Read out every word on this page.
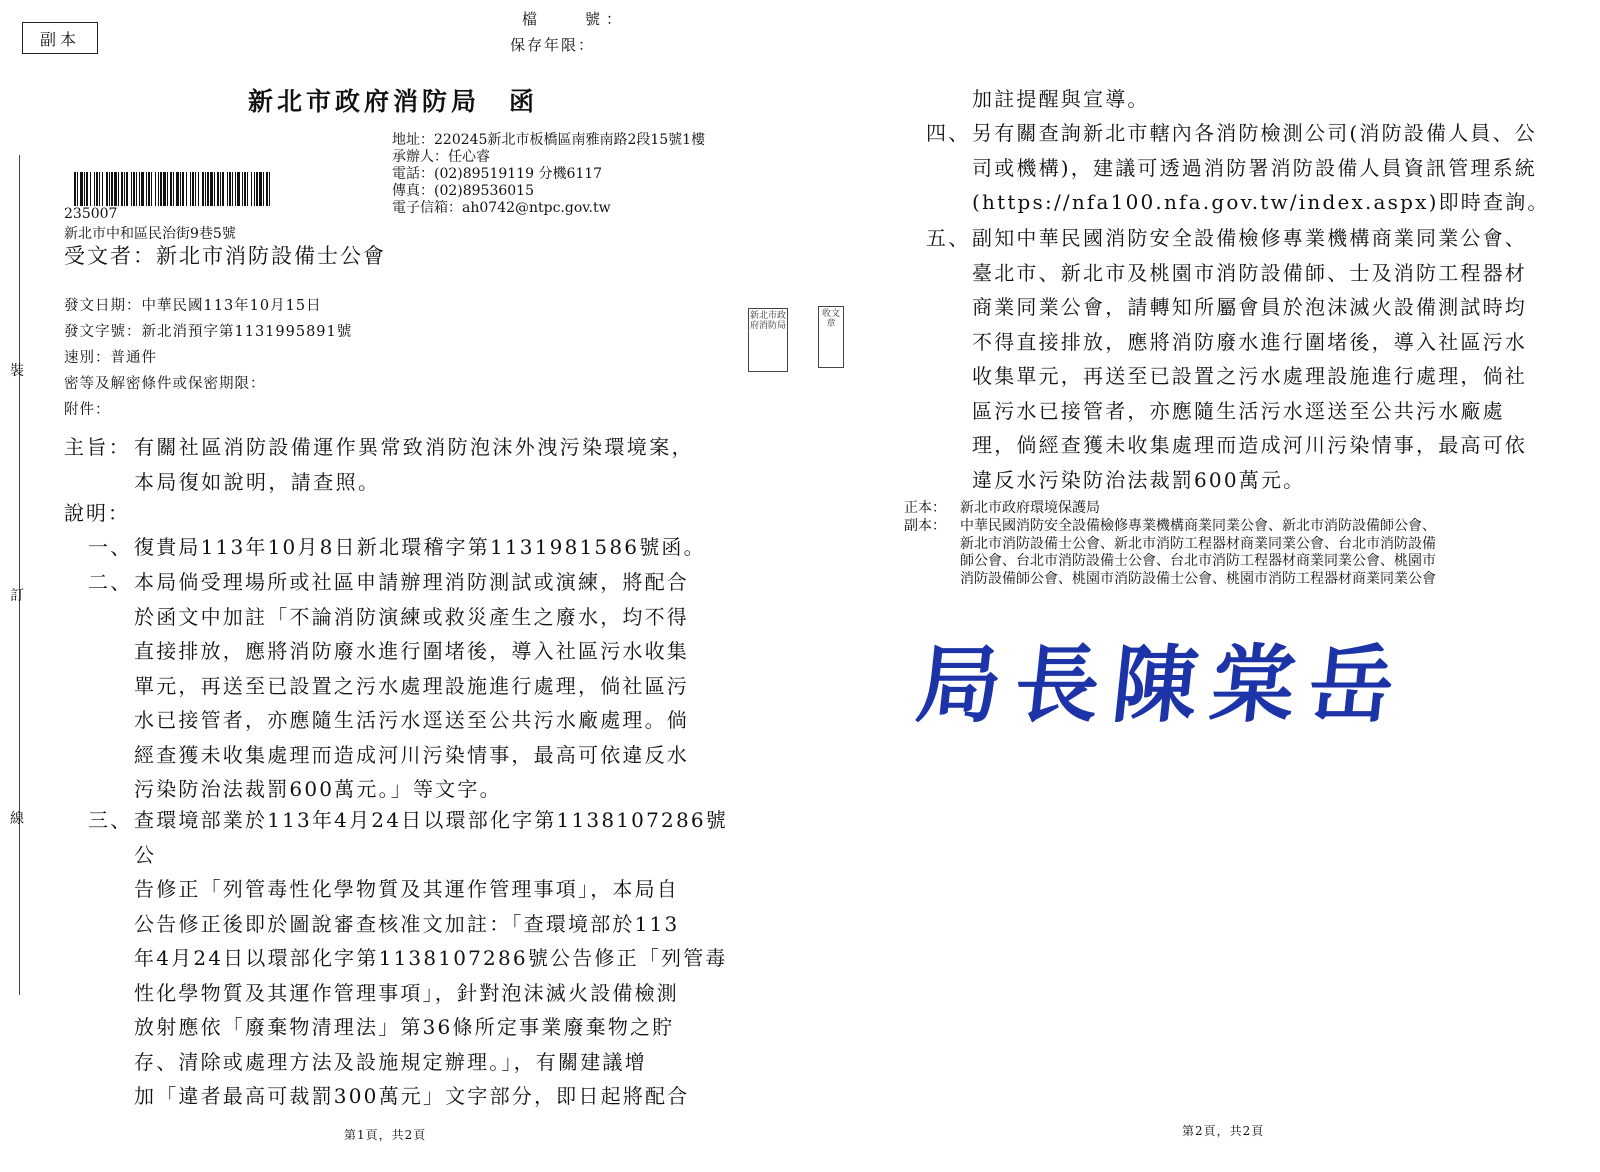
副本
檔　　號：
保存年限：
新北市政府消防局　函
地址：220245新北市板橋區南雅南路2段15號1樓
承辦人：任心睿
電話：(02)89519119 分機6117
傳真：(02)89536015
電子信箱：ah0742@ntpc.gov.tw
235007
新北市中和區民治街9巷5號
受文者：新北市消防設備士公會
發文日期：中華民國113年10月15日
發文字號：新北消預字第1131995891號
速別：普通件
密等及解密條件或保密期限：
附件：
裝
訂
線
新北市政府消防局
收文章
主旨： 有關社區消防設備運作異常致消防泡沫外洩污染環境案，
本局復如說明，請查照。
說明：
一、 復貴局113年10月8日新北環稽字第1131981586號函。
二、 本局倘受理場所或社區申請辦理消防測試或演練，將配合
於函文中加註「不論消防演練或救災產生之廢水，均不得
直接排放，應將消防廢水進行圍堵後，導入社區污水收集
單元，再送至已設置之污水處理設施進行處理，倘社區污
水已接管者，亦應隨生活污水逕送至公共污水廠處理。倘
經查獲未收集處理而造成河川污染情事，最高可依違反水
污染防治法裁罰600萬元。」等文字。
三、 查環境部業於113年4月24日以環部化字第1138107286號公
告修正「列管毒性化學物質及其運作管理事項」，本局自
公告修正後即於圖說審查核准文加註：「查環境部於113
年4月24日以環部化字第1138107286號公告修正「列管毒
性化學物質及其運作管理事項」，針對泡沫滅火設備檢測
放射應依「廢棄物清理法」第36條所定事業廢棄物之貯
存、清除或處理方法及設施規定辦理。」，有關建議增
加「違者最高可裁罰300萬元」文字部分，即日起將配合
第1頁，共2頁
加註提醒與宣導。
四、 另有關查詢新北市轄內各消防檢測公司(消防設備人員、公
司或機構)，建議可透過消防署消防設備人員資訊管理系統
(https://nfa100.nfa.gov.tw/index.aspx)即時查詢。
五、 副知中華民國消防安全設備檢修專業機構商業同業公會、
臺北市、新北市及桃園市消防設備師、士及消防工程器材
商業同業公會，請轉知所屬會員於泡沫滅火設備測試時均
不得直接排放，應將消防廢水進行圍堵後，導入社區污水
收集單元，再送至已設置之污水處理設施進行處理，倘社
區污水已接管者，亦應隨生活污水逕送至公共污水廠處
理，倘經查獲未收集處理而造成河川污染情事，最高可依
違反水污染防治法裁罰600萬元。
正本： 新北市政府環境保護局
副本： 中華民國消防安全設備檢修專業機構商業同業公會、新北市消防設備師公會、
新北市消防設備士公會、新北市消防工程器材商業同業公會、台北市消防設備
師公會、台北市消防設備士公會、台北市消防工程器材商業同業公會、桃園市
消防設備師公會、桃園市消防設備士公會、桃園市消防工程器材商業同業公會
局長陳棠岳
第2頁，共2頁
